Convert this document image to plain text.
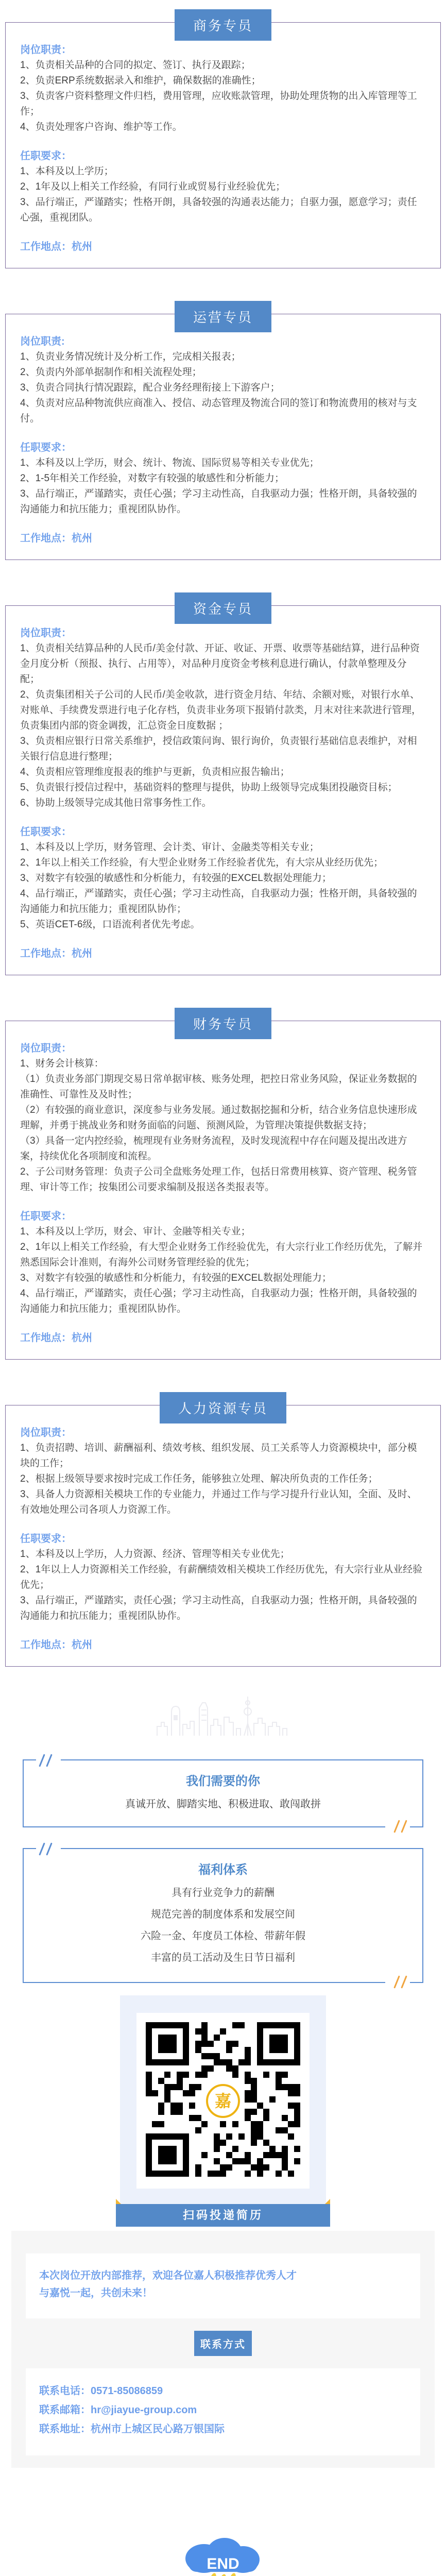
商务专员

岗位职责：

1、负责相关品种的合同的拟定、签订、执行及跟踪；

2、负责ERP系统数据录入和维护，确保数据的准确性；

3、负责客户资料整理文件归档，费用管理，应收账款管理，协助处理货物的出入库管理等工作；

4、负责处理客户咨询、维护等工作。

任职要求：

1、本科及以上学历；

2、1年及以上相关工作经验，有同行业或贸易行业经验优先；

3、品行端正，严谨踏实；性格开朗，具备较强的沟通表达能力；自驱力强，愿意学习；责任心强，重视团队。

工作地点：杭州

运营专员

岗位职责:

1、负责业务情况统计及分析工作，完成相关报表；

2、负责内外部单据制作和相关流程处理；

3、负责合同执行情况跟踪，配合业务经理衔接上下游客户；

4、负责对应品种物流供应商准入、授信、动态管理及物流合同的签订和物流费用的核对与支付。

任职要求：

1、本科及以上学历，财会、统计、物流、国际贸易等相关专业优先；

2、1-5年相关工作经验，对数字有较强的敏感性和分析能力；

3、品行端正，严谨踏实，责任心强；学习主动性高，自我驱动力强；性格开朗，具备较强的沟通能力和抗压能力；重视团队协作。

工作地点：杭州

资金专员

岗位职责：

1、负责相关结算品种的人民币/美金付款、开证、收证、开票、收票等基础结算，进行品种资金月度分析（预报、执行、占用等），对品种月度资金考核利息进行确认，付款单整理及分配；

2、负责集团相关子公司的人民币/美金收款，进行资金月结、年结、余额对账，对银行水单、对账单、手续费发票进行电子化存档，负责非业务项下报销付款类，月末对往来款进行管理，负责集团内部的资金调拨，汇总资金日度数据 ；

3、负责相应银行日常关系维护，授信政策问询、银行询价，负责银行基础信息表维护，对相关银行信息进行整理；

4、负责相应管理维度报表的维护与更新，负责相应报告输出；

5、负责银行授信过程中，基础资料的整理与提供，协助上级领导完成集团投融资目标；

6、协助上级领导完成其他日常事务性工作。

任职要求：

1、本科及以上学历，财务管理、会计类、审计、金融类等相关专业；

2、1年以上相关工作经验，有大型企业财务工作经验者优先，有大宗从业经历优先；

3、对数字有较强的敏感性和分析能力，有较强的EXCEL数据处理能力；

4、品行端正，严谨踏实，责任心强；学习主动性高，自我驱动力强；性格开朗，具备较强的沟通能力和抗压能力；重视团队协作；

5、英语CET-6级，口语流利者优先考虑。

工作地点：杭州

财务专员

岗位职责：

1、财务会计核算：

（1）负责业务部门期现交易日常单据审核、账务处理，把控日常业务风险，保证业务数据的准确性、可靠性及及时性；

（2）有较强的商业意识，深度参与业务发展。通过数据挖掘和分析，结合业务信息快速形成理解，并勇于挑战业务和财务面临的问题、预测风险，为管理决策提供数据支持；

（3）具备一定内控经验，梳理现有业务财务流程，及时发现流程中存在问题及提出改进方案，持续优化各项制度和流程。

2、子公司财务管理：负责子公司全盘账务处理工作，包括日常费用核算、资产管理、税务管理、审计等工作；按集团公司要求编制及报送各类报表等。

任职要求：

1、本科及以上学历，财会、审计、金融等相关专业；

2、1年以上相关工作经验，有大型企业财务工作经验优先，有大宗行业工作经历优先，了解并熟悉国际会计准则，有海外公司财务管理经验的优先；

3、对数字有较强的敏感性和分析能力，有较强的EXCEL数据处理能力；

4、品行端正，严谨踏实，责任心强；学习主动性高，自我驱动力强；性格开朗，具备较强的沟通能力和抗压能力；重视团队协作。

工作地点：杭州

人力资源专员

岗位职责：

1、负责招聘、培训、薪酬福利、绩效考核、组织发展、员工关系等人力资源模块中，部分模块的工作；

2、根据上级领导要求按时完成工作任务，能够独立处理、解决所负责的工作任务；

3、具备人力资源相关模块工作的专业能力，并通过工作与学习提升行业认知，全面、及时、有效地处理公司各项人力资源工作。

任职要求：

1、本科及以上学历，人力资源、经济、管理等相关专业优先；

2、1年以上人力资源相关工作经验，有薪酬绩效相关模块工作经历优先，有大宗行业从业经验优先；

3、品行端正，严谨踏实，责任心强；学习主动性高，自我驱动力强；性格开朗，具备较强的沟通能力和抗压能力；重视团队协作。

工作地点：杭州

我们需要的你

真诚开放、脚踏实地、积极进取、敢闯敢拼

福利体系

具有行业竞争力的薪酬

规范完善的制度体系和发展空间

六险一金、年度员工体检、带薪年假

丰富的员工活动及生日节日福利

嘉
扫码投递简历

本次岗位开放内部推荐，欢迎各位嘉人积极推荐优秀人才

与嘉悦一起，共创未来！

联系方式

联系电话：0571-85086859

联系邮箱：hr@jiayue-group.com

联系地址：杭州市上城区民心路万银国际

END
